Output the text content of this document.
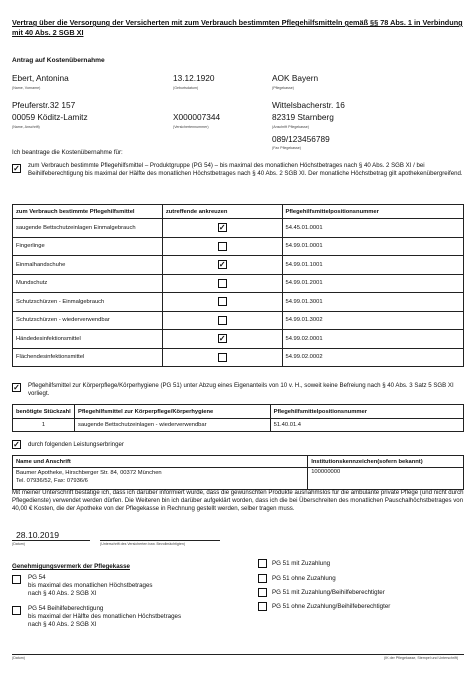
Vertrag über die Versorgung der Versicherten mit zum Verbrauch bestimmten Pflegehilfsmitteln gemäß §§ 78 Abs. 1 in Verbindung mit 40 Abs. 2 SGB XI
Antrag auf Kostenübernahme
Ebert, Antonina
(Name, Vorname)
13.12.1920
(Geburtsdatum)
AOK Bayern
(Pflegekasse)
Pfeuferstr.32 157
00059 Köditz-Lamitz
(Name, Anschrift)
X000007344
(Versichertennummer)
Wittelsbacherstr. 16
82319 Starnberg
(Anschrift Pflegekasse)
089/123456789
(Fax Pflegekasse)
Ich beantrage die Kostenübernahme für:
✓ zum Verbrauch bestimmte Pflegehilfsmittel – Produktgruppe (PG 54) – bis maximal des monatlichen Höchstbetrages nach § 40 Abs. 2 SGB XI / bei Beihilfeberechtigung bis maximal der Hälfte des monatlichen Höchstbetrages nach § 40 Abs. 2 SGB XI. Der monatliche Höchstbetrag gilt apothekenübergreifend.
zum Verbrauch bestimmte Pflegehilfsmittel	zutreffende ankreuzen	Pflegehilfsmittelpositionsnummer
saugende Bettschutzeinlagen Einmalgebrauch	✓	54.45.01.0001
Fingerlinge		54.99.01.0001
Einmalhandschuhe	✓	54.99.01.1001
Mundschutz		54.99.01.2001
Schutzschürzen - Einmalgebrauch		54.99.01.3001
Schutzschürzen - wiederverwendbar		54.99.01.3002
Händedesinfektionsmittel	✓	54.99.02.0001
Flächendesinfektionsmittel		54.99.02.0002
✓ Pflegehilfsmittel zur Körperpflege/Körperhygiene (PG 51) unter Abzug eines Eigenanteils von 10 v. H., soweit keine Befreiung nach § 40 Abs. 3 Satz 5 SGB XI vorliegt.
benötigte Stückzahl	Pflegehilfsmittel zur Körperpflege/Körperhygiene	Pflegehilfsmittelpositionsnummer
1	saugende Bettschutzeinlagen - wiederverwendbar	51.40.01.4
✓ durch folgenden Leistungserbringer
Name und Anschrift	Institutionskennzeichen(sofern bekannt)

Baumer Apotheke, Hirschberger Str. 84, 00372 München
Tel. 07936/52, Fax: 07936/6	100000000
Mit meiner Unterschrift bestätige ich, dass ich darüber informiert wurde, dass die gewünschten Produkte ausnahmslos für die ambulante private Pflege (und nicht durch Pflegedienste) verwendet werden dürfen. Die Weiteren bin ich darüber aufgeklärt worden, dass ich die bei Überschreiten des monatlichen Pauschalhöchstbetrages von 40,00 € Kosten, die der Apotheke von der Pflegekasse in Rechnung gestellt werden, selber tragen muss.
28.10.2019
(Datum)	(Unterschrift des Versicherten bzw. Bevollmächtigten)
Genehmigungsvermerk der Pflegekasse
PG 54
bis maximal des monatlichen Höchstbetrages
nach § 40 Abs. 2 SGB XI
PG 54 Beihilfeberechtigung
bis maximal der Hälfte des monatlichen Höchstbetrages
nach § 40 Abs. 2 SGB XI
PG 51 mit Zuzahlung
PG 51 ohne Zuzahlung
PG 51 mit Zuzahlung/Beihilfeberechtigter
PG 51 ohne Zuzahlung/Beihilfeberechtigter
(Datum)	(IK der Pflegekasse, Stempel und Unterschrift)
